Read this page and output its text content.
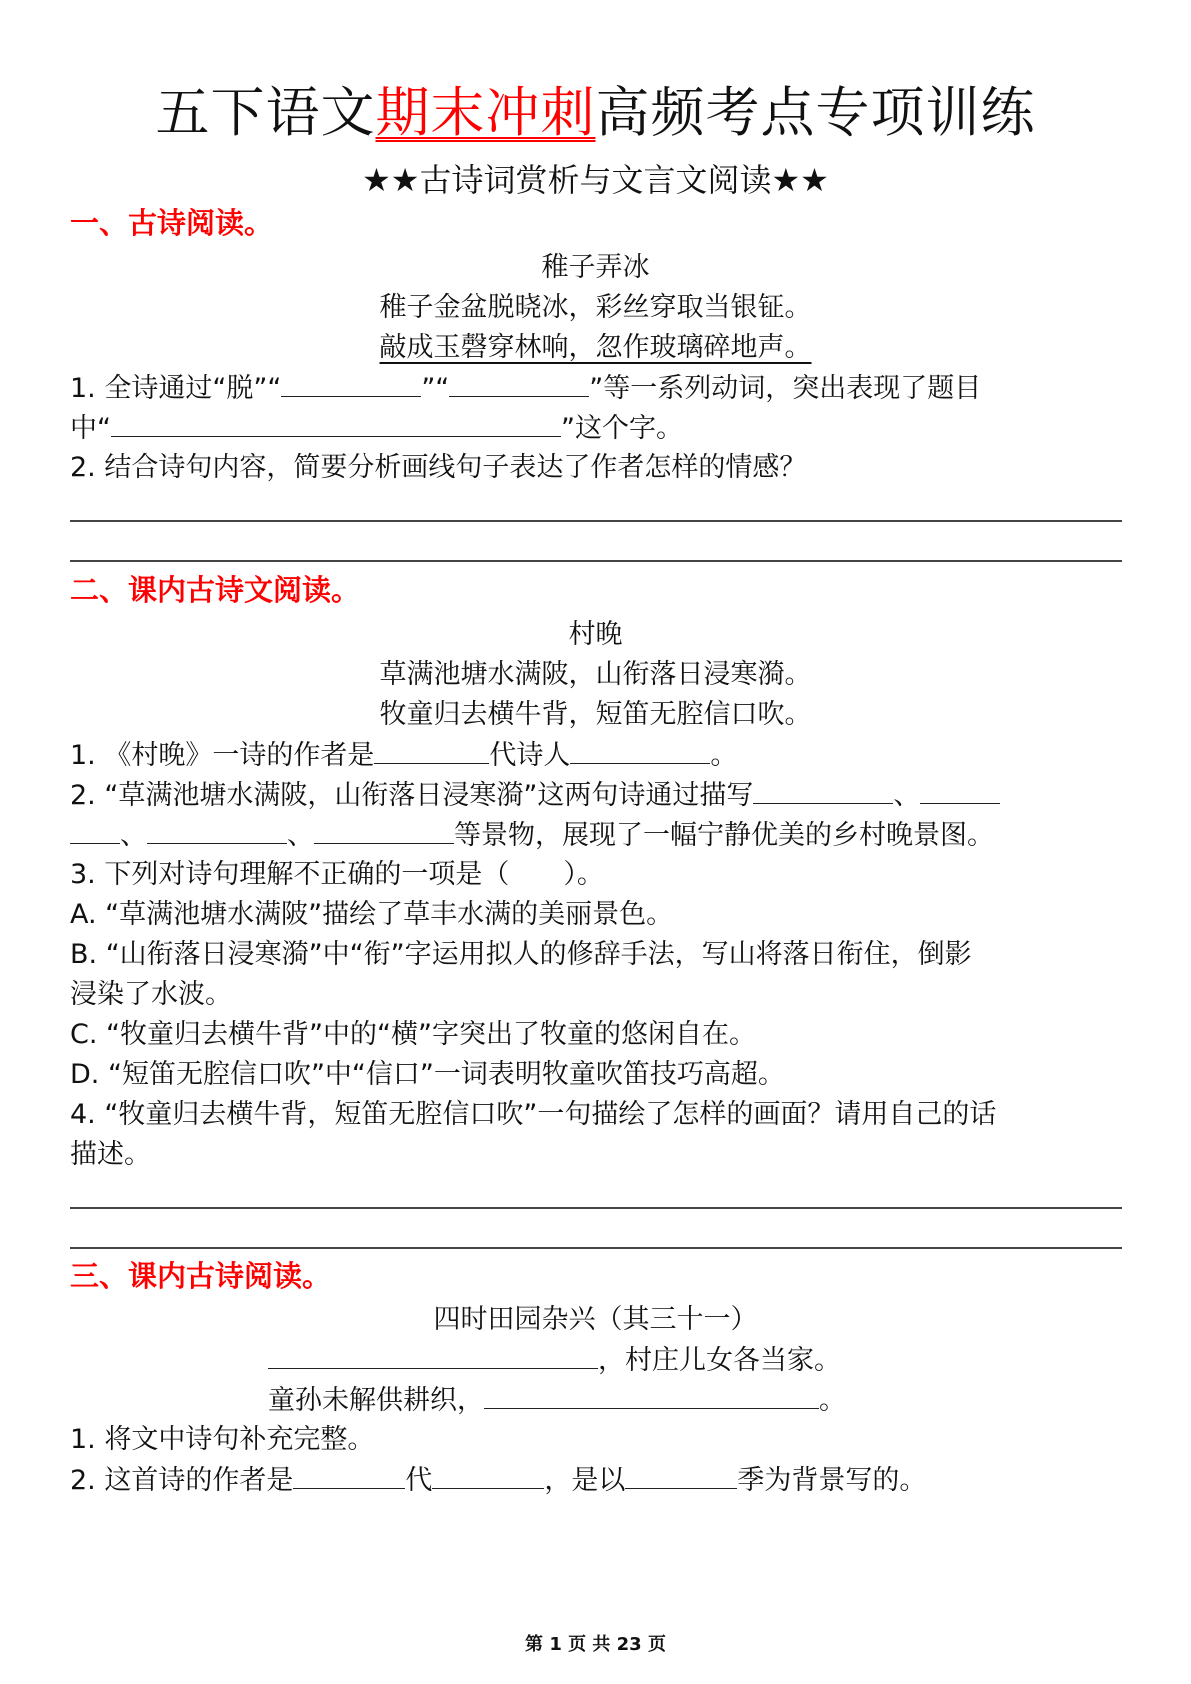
五下语文期末冲刺高频考点专项训练
★★古诗词赏析与文言文阅读★★
一、古诗阅读。
稚子弄冰
稚子金盆脱晓冰，彩丝穿取当银钲。
敲成玉磬穿林响，忽作玻璃碎地声。
1. 全诗通过“脱”“	”“	”等一系列动词，突出表现了题目
中“	”这个字。
2. 结合诗句内容，简要分析画线句子表达了作者怎样的情感？
二、课内古诗文阅读。
村晚
草满池塘水满陂，山衔落日浸寒漪。
牧童归去横牛背，短笛无腔信口吹。
1. 《村晚》一诗的作者是	代诗人	。
2. “草满池塘水满陂，山衔落日浸寒漪”这两句诗通过描写	、
、	、	等景物，展现了一幅宁静优美的乡村晚景图。
3. 下列对诗句理解不正确的一项是（　　）。
A. “草满池塘水满陂”描绘了草丰水满的美丽景色。
B. “山衔落日浸寒漪”中“衔”字运用拟人的修辞手法，写山将落日衔住，倒影
浸染了水波。
C. “牧童归去横牛背”中的“横”字突出了牧童的悠闲自在。
D. “短笛无腔信口吹”中“信口”一词表明牧童吹笛技巧高超。
4. “牧童归去横牛背，短笛无腔信口吹”一句描绘了怎样的画面？请用自己的话
描述。
三、课内古诗阅读。
四时田园杂兴（其三十一）
，村庄儿女各当家。
童孙未解供耕织，	。
1. 将文中诗句补充完整。
2. 这首诗的作者是	代	，是以	季为背景写的。
第 1 页 共 23 页
